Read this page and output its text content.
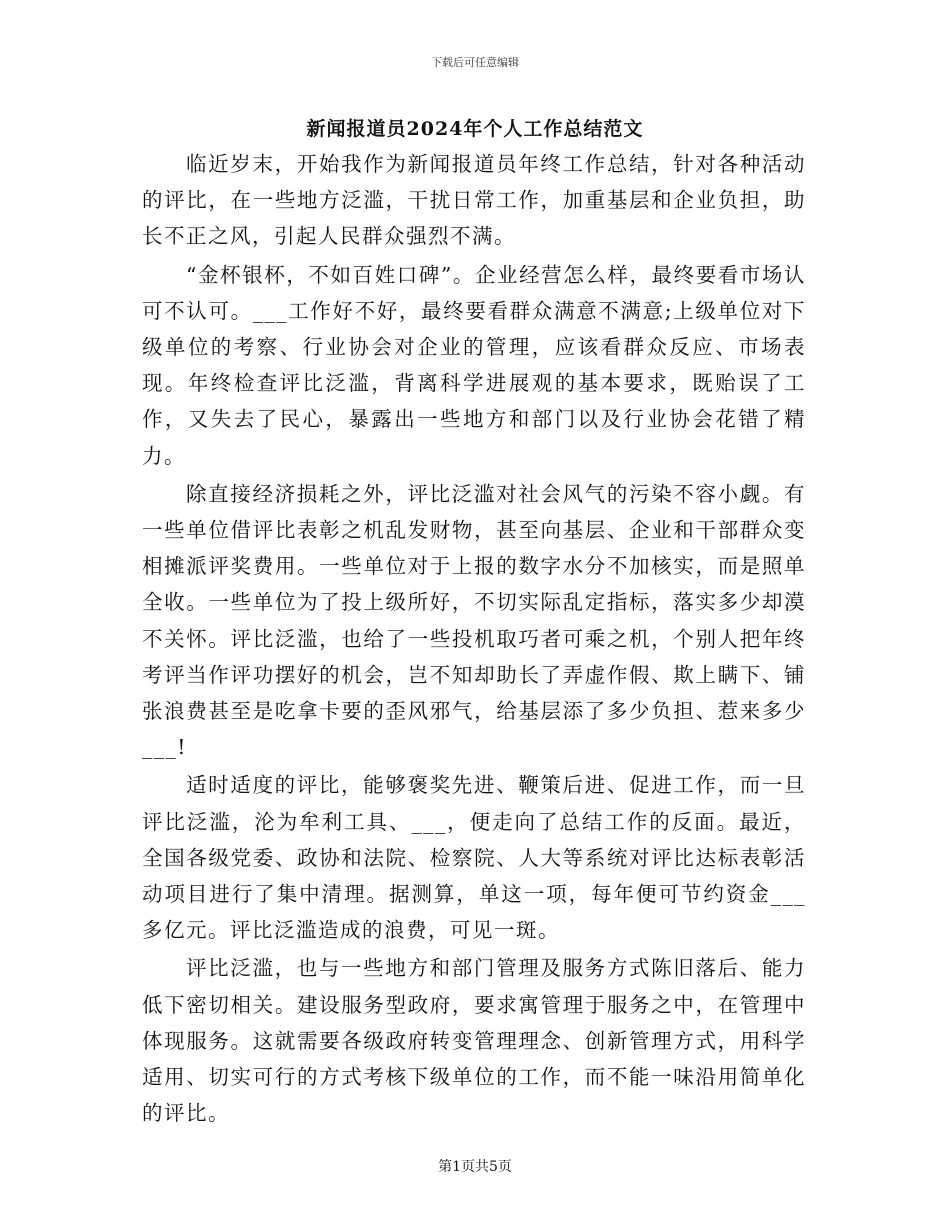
下载后可任意编辑
新闻报道员2024年个人工作总结范文

临近岁末，开始我作为新闻报道员年终工作总结，针对各种活动的评比，在一些地方泛滥，干扰日常工作，加重基层和企业负担，助长不正之风，引起人民群众强烈不满。

“金杯银杯，不如百姓口碑”。企业经营怎么样，最终要看市场认可不认可。___工作好不好，最终要看群众满意不满意;上级单位对下级单位的考察、行业协会对企业的管理，应该看群众反应、市场表现。年终检查评比泛滥，背离科学进展观的基本要求，既贻误了工作，又失去了民心，暴露出一些地方和部门以及行业协会花错了精力。

除直接经济损耗之外，评比泛滥对社会风气的污染不容小觑。有一些单位借评比表彰之机乱发财物，甚至向基层、企业和干部群众变相摊派评奖费用。一些单位对于上报的数字水分不加核实，而是照单全收。一些单位为了投上级所好，不切实际乱定指标，落实多少却漠不关怀。评比泛滥，也给了一些投机取巧者可乘之机，个别人把年终考评当作评功摆好的机会，岂不知却助长了弄虚作假、欺上瞒下、铺张浪费甚至是吃拿卡要的歪风邪气，给基层添了多少负担、惹来多少___!

适时适度的评比，能够褒奖先进、鞭策后进、促进工作，而一旦评比泛滥，沦为牟利工具、___，便走向了总结工作的反面。最近，全国各级党委、政协和法院、检察院、人大等系统对评比达标表彰活动项目进行了集中清理。据测算，单这一项，每年便可节约资金___多亿元。评比泛滥造成的浪费，可见一斑。

评比泛滥，也与一些地方和部门管理及服务方式陈旧落后、能力低下密切相关。建设服务型政府，要求寓管理于服务之中，在管理中体现服务。这就需要各级政府转变管理理念、创新管理方式，用科学适用、切实可行的方式考核下级单位的工作，而不能一味沿用简单化的评比。

第1页共5页
